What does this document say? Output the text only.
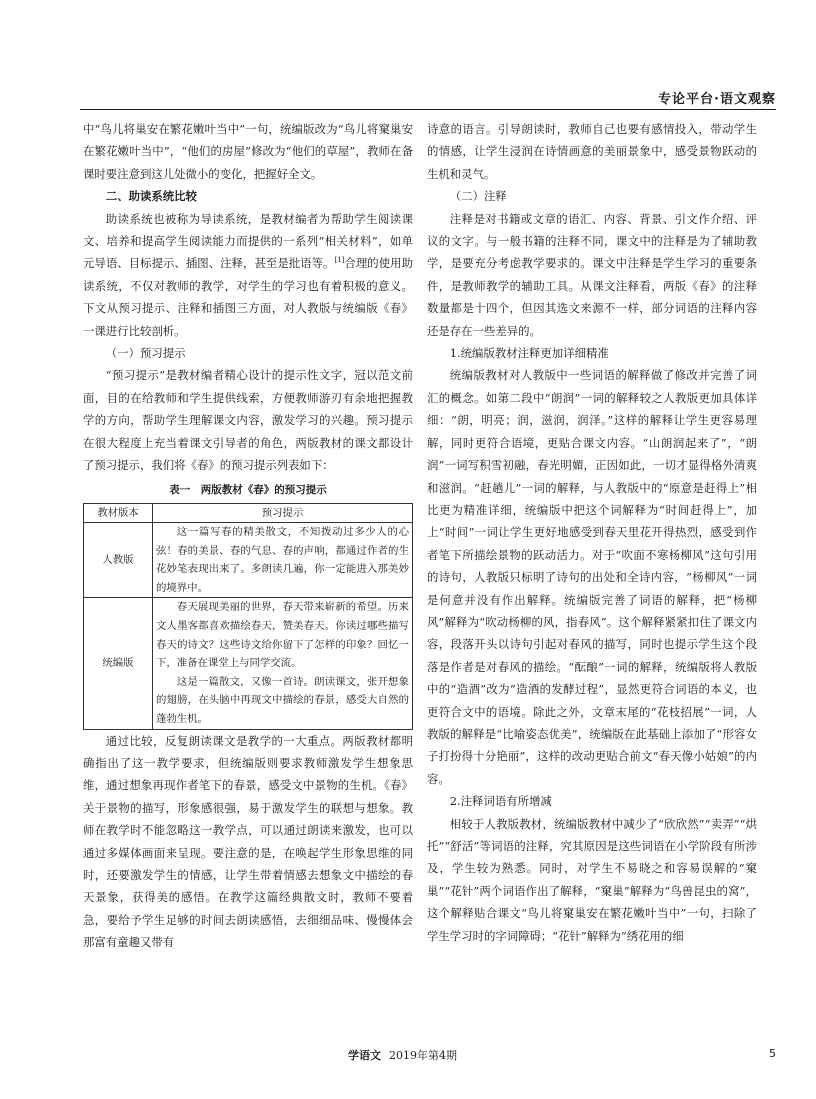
专论平台·语文观察

中“鸟儿将巢安在繁花嫩叶当中”一句，统编版改为“鸟儿将窠巢安在繁花嫩叶当中”，“他们的房屋”修改为“他们的草屋”，教师在备课时要注意到这儿处微小的变化，把握好全文。

二、助读系统比较

助读系统也被称为导读系统，是教材编者为帮助学生阅读课文、培养和提高学生阅读能力而提供的一系列“相关材料”，如单元导语、目标提示、插图、注释，甚至是批语等。[1]合理的使用助读系统，不仅对教师的教学，对学生的学习也有着积极的意义。下文从预习提示、注释和插图三方面，对人教版与统编版《春》一课进行比较剖析。

（一）预习提示

“预习提示”是教材编者精心设计的提示性文字，冠以范文前面，目的在给教师和学生提供线索，方便教师游刃有余地把握教学的方向，帮助学生理解课文内容，激发学习的兴趣。预习提示在很大程度上充当着课文引导者的角色，两版教材的课文都设计了预习提示，我们将《春》的预习提示列表如下：

表一　两版教材《春》的预习提示
教材版本	预习提示
人教版	这一篇写春的精美散文，不知拨动过多少人的心弦！春的美景、春的气息、春的声响，都通过作者的生花妙笔表现出来了。多朗读几遍，你一定能进入那美妙的境界中。

统编版	春天展现美丽的世界，春天带来崭新的希望。历来文人墨客都喜欢描绘春天，赞美春天。你读过哪些描写春天的诗文？这些诗文给你留下了怎样的印象？回忆一下，准备在课堂上与同学交流。

这是一篇散文，又像一首诗。朗读课文，张开想象的翅膀，在头脑中再现文中描绘的春景，感受大自然的蓬勃生机。

通过比较，反复朗读课文是教学的一大重点。两版教材都明确指出了这一教学要求，但统编版则要求教师激发学生想象思维，通过想象再现作者笔下的春景，感受文中景物的生机。《春》关于景物的描写，形象感很强，易于激发学生的联想与想象。教师在教学时不能忽略这一教学点，可以通过朗读来激发，也可以通过多媒体画面来呈现。要注意的是，在唤起学生形象思维的同时，还要激发学生的情感，让学生带着情感去想象文中描绘的春天景象，获得美的感悟。在教学这篇经典散文时，教师不要着急，要给予学生足够的时间去朗读感悟，去细细品味、慢慢体会那富有童趣又带有

诗意的语言。引导朗读时，教师自己也要有感情投入，带动学生的情感，让学生浸润在诗情画意的美丽景象中，感受景物跃动的生机和灵气。

（二）注释

注释是对书籍或文章的语汇、内容、背景、引文作介绍、评议的文字。与一般书籍的注释不同，课文中的注释是为了辅助教学，是要充分考虑教学要求的。课文中注释是学生学习的重要条件，是教师教学的辅助工具。从课文注释看，两版《春》的注释数量都是十四个，但因其选文来源不一样，部分词语的注释内容还是存在一些差异的。

1.统编版教材注释更加详细精准

统编版教材对人教版中一些词语的解释做了修改并完善了词汇的概念。如第二段中“朗润”一词的解释较之人教版更加具体详细：“朗，明亮；润，滋润，润泽。”这样的解释让学生更容易理解，同时更符合语境，更贴合课文内容。“山朗润起来了”，“朗润”一词写积雪初融，春光明媚，正因如此，一切才显得格外清爽和滋润。“赶趟儿”一词的解释，与人教版中的“原意是赶得上”相比更为精准详细，统编版中把这个词解释为“时间赶得上”，加上“时间”一词让学生更好地感受到春天里花开得热烈，感受到作者笔下所描绘景物的跃动活力。对于“吹面不寒杨柳风”这句引用的诗句，人教版只标明了诗句的出处和全诗内容，“杨柳风”一词是何意并没有作出解释。统编版完善了词语的解释，把“杨柳风”解释为“吹动杨柳的风，指春风”。这个解释紧紧扣住了课文内容，段落开头以诗句引起对春风的描写，同时也提示学生这个段落是作者是对春风的描绘。“酝酿”一词的解释，统编版将人教版中的“造酒”改为“造酒的发酵过程”，显然更符合词语的本义，也更符合文中的语境。除此之外，文章末尾的“花枝招展”一词，人教版的解释是“比喻姿态优美”，统编版在此基础上添加了“形容女子打扮得十分艳丽”，这样的改动更贴合前文“春天像小姑娘”的内容。

2.注释词语有所增减

相较于人教版教材，统编版教材中减少了“欣欣然”“卖弄”“烘托”“舒活”等词语的注释，究其原因是这些词语在小学阶段有所涉及，学生较为熟悉。同时，对学生不易晓之和容易误解的“窠巢”“花针”两个词语作出了解释，“窠巢”解释为“鸟兽昆虫的窝”，这个解释贴合课文“鸟儿将窠巢安在繁花嫩叶当中”一句，扫除了学生学习时的字词障碍；“花针”解释为“绣花用的细

学语文 2019年第4期	5
